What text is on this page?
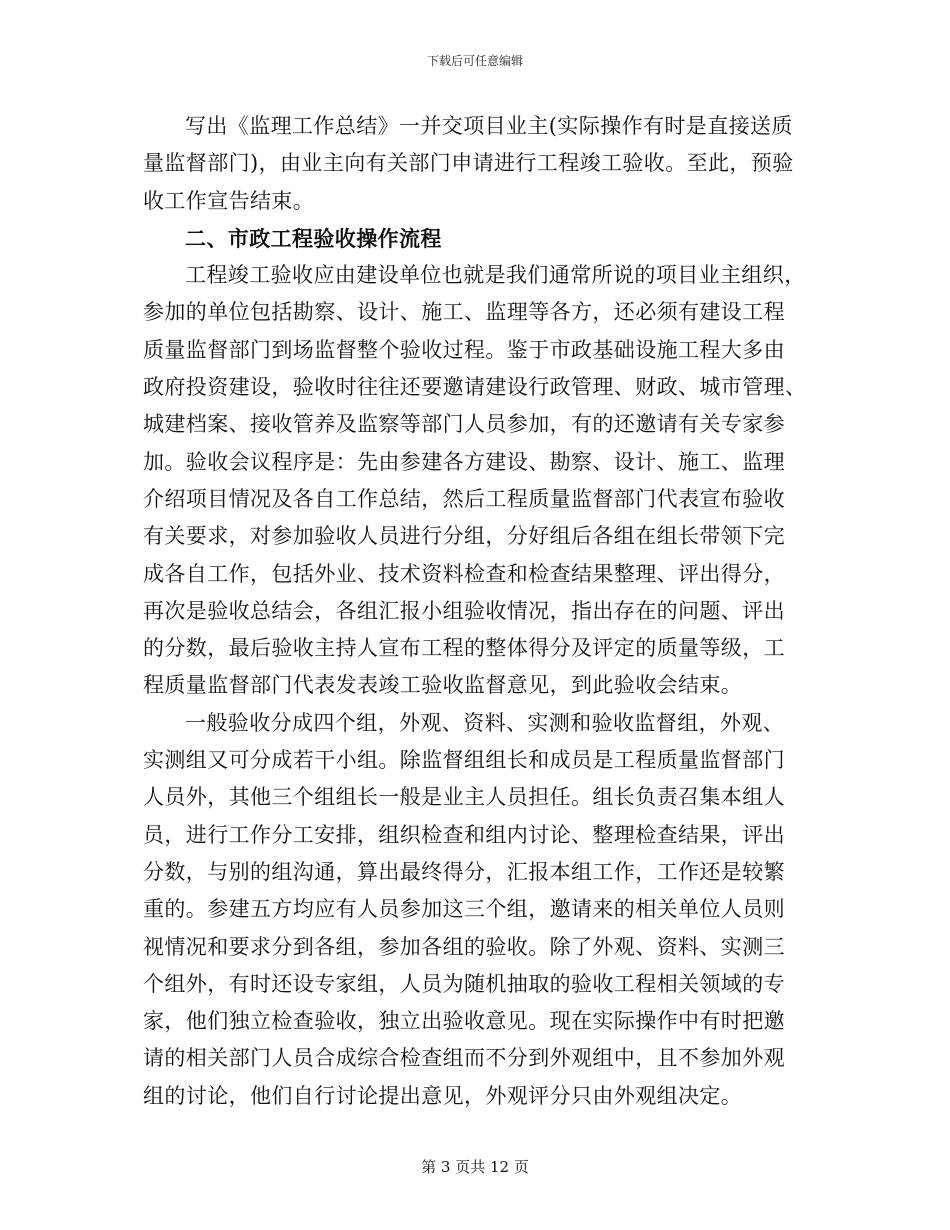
下载后可任意编辑
写出《监理工作总结》一并交项目业主(实际操作有时是直接送质
量监督部门)，由业主向有关部门申请进行工程竣工验收。至此，预验
收工作宣告结束。
二、市政工程验收操作流程
工程竣工验收应由建设单位也就是我们通常所说的项目业主组织，
参加的单位包括勘察、设计、施工、监理等各方，还必须有建设工程
质量监督部门到场监督整个验收过程。鉴于市政基础设施工程大多由
政府投资建设，验收时往往还要邀请建设行政管理、财政、城市管理、
城建档案、接收管养及监察等部门人员参加，有的还邀请有关专家参
加。验收会议程序是：先由参建各方建设、勘察、设计、施工、监理
介绍项目情况及各自工作总结，然后工程质量监督部门代表宣布验收
有关要求，对参加验收人员进行分组，分好组后各组在组长带领下完
成各自工作，包括外业、技术资料检查和检查结果整理、评出得分，
再次是验收总结会，各组汇报小组验收情况，指出存在的问题、评出
的分数，最后验收主持人宣布工程的整体得分及评定的质量等级，工
程质量监督部门代表发表竣工验收监督意见，到此验收会结束。
一般验收分成四个组，外观、资料、实测和验收监督组，外观、
实测组又可分成若干小组。除监督组组长和成员是工程质量监督部门
人员外，其他三个组组长一般是业主人员担任。组长负责召集本组人
员，进行工作分工安排，组织检查和组内讨论、整理检查结果，评出
分数，与别的组沟通，算出最终得分，汇报本组工作，工作还是较繁
重的。参建五方均应有人员参加这三个组，邀请来的相关单位人员则
视情况和要求分到各组，参加各组的验收。除了外观、资料、实测三
个组外，有时还设专家组，人员为随机抽取的验收工程相关领域的专
家，他们独立检查验收，独立出验收意见。现在实际操作中有时把邀
请的相关部门人员合成综合检查组而不分到外观组中，且不参加外观
组的讨论，他们自行讨论提出意见，外观评分只由外观组决定。
第 3 页共 12 页
